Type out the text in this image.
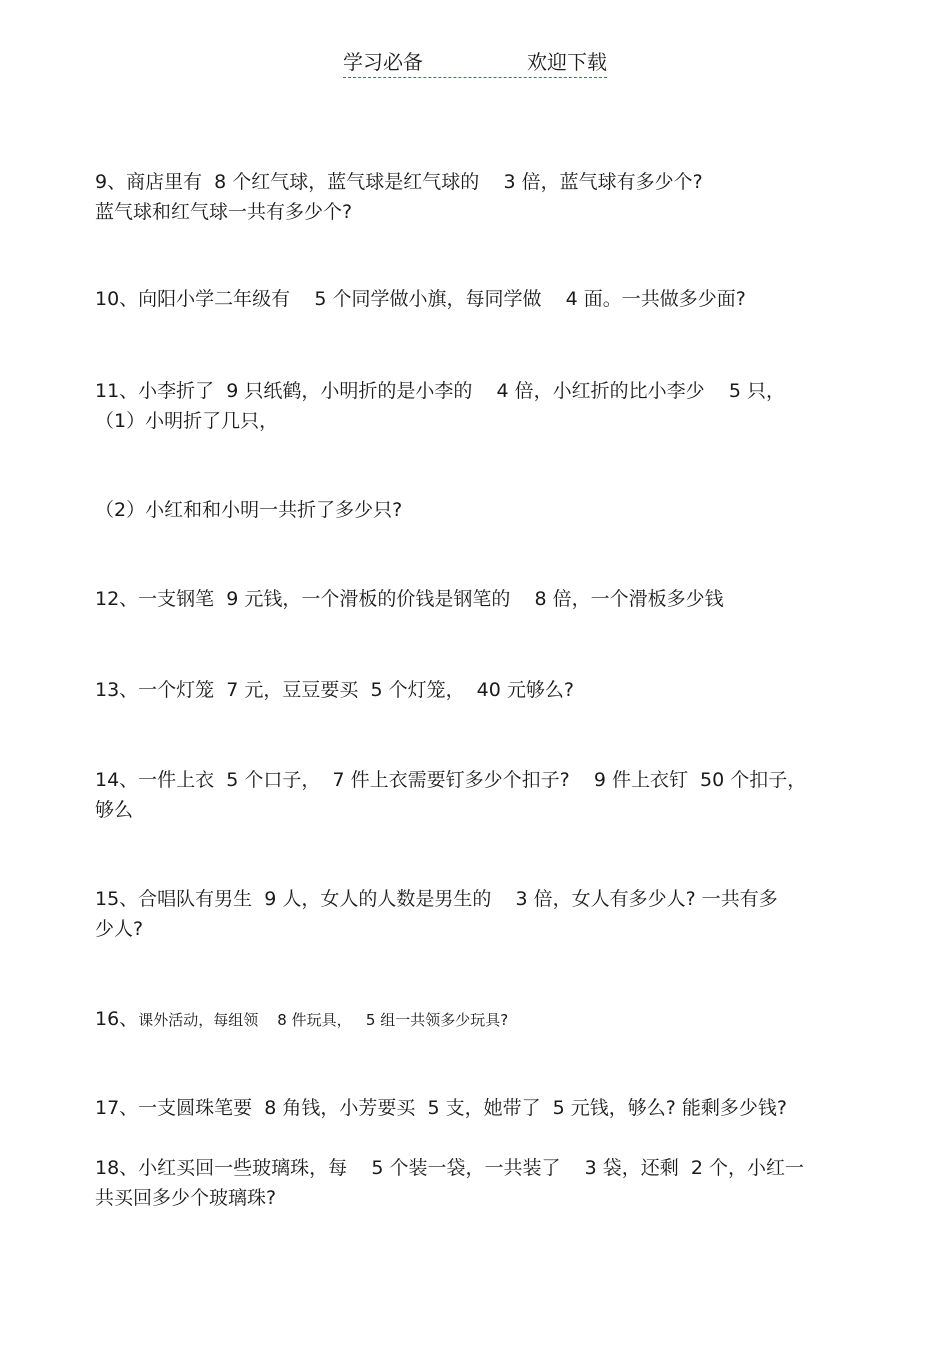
学习必备	欢迎下载
9、商店里有  8 个红气球，蓝气球是红气球的    3 倍，蓝气球有多少个?
蓝气球和红气球一共有多少个?
10、向阳小学二年级有    5 个同学做小旗，每同学做    4 面。一共做多少面?
11、小李折了  9 只纸鹤，小明折的是小李的    4 倍，小红折的比小李少    5 只，
（1）小明折了几只，
（2）小红和和小明一共折了多少只?
12、一支钢笔  9 元钱，一个滑板的价钱是钢笔的    8 倍，一个滑板多少钱
13、一个灯笼  7 元，豆豆要买  5 个灯笼，  40 元够么?
14、一件上衣  5 个口子，  7 件上衣需要钉多少个扣子?    9 件上衣钉  50 个扣子，
够么
15、合唱队有男生  9 人，女人的人数是男生的    3 倍，女人有多少人? 一共有多
少人?
16、课外活动，每组领    8 件玩具，   5 组一共领多少玩具?
17、一支圆珠笔要  8 角钱，小芳要买  5 支，她带了  5 元钱，够么? 能剩多少钱?
18、小红买回一些玻璃珠，每    5 个装一袋，一共装了    3 袋，还剩  2 个，小红一
共买回多少个玻璃珠?
